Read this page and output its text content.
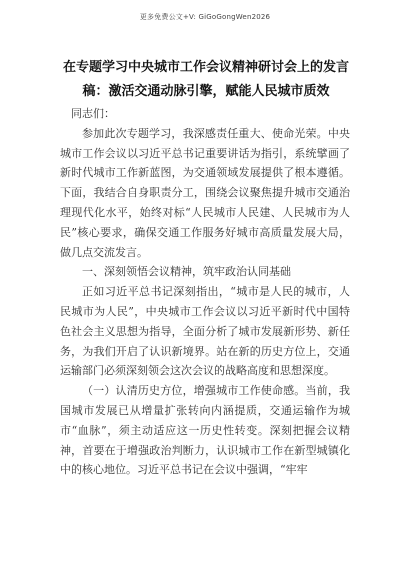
更多免费公文+V: GiGoGongWen2026
在专题学习中央城市工作会议精神研讨会上的发言稿：激活交通动脉引擎，赋能人民城市质效

同志们：

参加此次专题学习，我深感责任重大、使命光荣。中央城市工作会议以习近平总书记重要讲话为指引，系统擘画了新时代城市工作新蓝图，为交通领域发展提供了根本遵循。下面，我结合自身职责分工，围绕会议聚焦提升城市交通治理现代化水平，始终对标“人民城市人民建、人民城市为人民”核心要求，确保交通工作服务好城市高质量发展大局，做几点交流发言。

一、深刻领悟会议精神，筑牢政治认同基础

正如习近平总书记深刻指出，“城市是人民的城市，人民城市为人民”，中央城市工作会议以习近平新时代中国特色社会主义思想为指导，全面分析了城市发展新形势、新任务，为我们开启了认识新境界。站在新的历史方位上，交通运输部门必须深刻领会这次会议的战略高度和思想深度。

（一）认清历史方位，增强城市工作使命感。当前，我国城市发展已从增量扩张转向内涵提质，交通运输作为城市“血脉”，须主动适应这一历史性转变。深刻把握会议精神，首要在于增强政治判断力，认识城市工作在新型城镇化中的核心地位。习近平总书记在会议中强调，“牢牢
